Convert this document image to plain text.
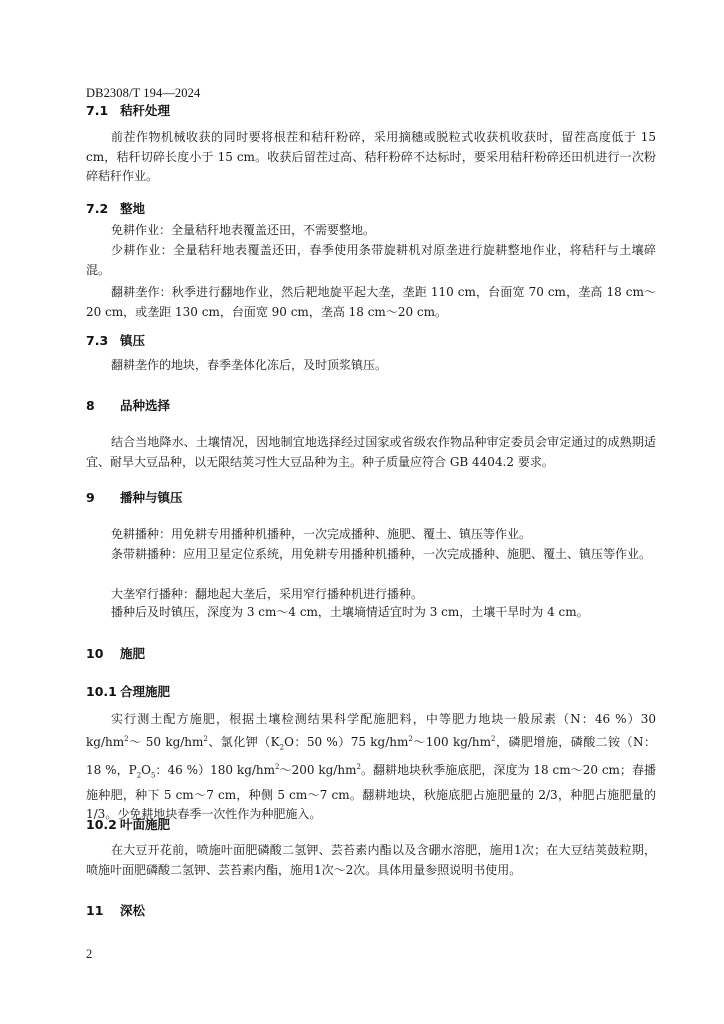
DB2308/T 194—2024
7.1 秸秆处理
前茬作物机械收获的同时要将根茬和秸秆粉碎，采用摘穗或脱粒式收获机收获时，留茬高度低于 15 cm，秸秆切碎长度小于 15 cm。收获后留茬过高、秸秆粉碎不达标时，要采用秸秆粉碎还田机进行一次粉碎秸秆作业。
7.2 整地
免耕作业：全量秸秆地表覆盖还田，不需要整地。
少耕作业：全量秸秆地表覆盖还田，春季使用条带旋耕机对原垄进行旋耕整地作业，将秸秆与土壤碎混。
翻耕垄作：秋季进行翻地作业，然后耙地旋平起大垄，垄距 110 cm，台面宽 70 cm，垄高 18 cm～20 cm，或垄距 130 cm，台面宽 90 cm，垄高 18 cm～20 cm。
7.3 镇压
翻耕垄作的地块，春季垄体化冻后，及时顶浆镇压。
8 品种选择
结合当地降水、土壤情况，因地制宜地选择经过国家或省级农作物品种审定委员会审定通过的成熟期适宜、耐旱大豆品种，以无限结荚习性大豆品种为主。种子质量应符合 GB 4404.2 要求。
9 播种与镇压
免耕播种：用免耕专用播种机播种，一次完成播种、施肥、覆土、镇压等作业。
条带耕播种：应用卫星定位系统，用免耕专用播种机播种，一次完成播种、施肥、覆土、镇压等作业。
大垄窄行播种：翻地起大垄后，采用窄行播种机进行播种。
播种后及时镇压，深度为 3 cm～4 cm，土壤墒情适宜时为 3 cm，土壤干旱时为 4 cm。
10 施肥
10.1 合理施肥
实行测土配方施肥，根据土壤检测结果科学配施肥料，中等肥力地块一般尿素（N：46 %）30 $kg/hm^2\sim$ 50 $kg/hm^2$、氯化钾（$K_2O$：50 %）75 $kg/hm^2\sim 100$ $kg/hm^2$，磷肥增施，磷酸二铵（N：18 %，$P_2O_5$：46 %）180 $kg/hm^2\sim 200$ $kg/hm^2$。翻耕地块秋季施底肥，深度为 18 cm～20 cm；春播施种肥，种下 5 cm～7 cm，种侧 5 cm～7 cm。翻耕地块，秋施底肥占施肥量的 2/3，种肥占施肥量的 1/3。少免耕地块春季一次性作为种肥施入。
10.2 叶面施肥
在大豆开花前，喷施叶面肥磷酸二氢钾、芸苔素内酯以及含硼水溶肥，施用1次；在大豆结荚鼓粒期，喷施叶面肥磷酸二氢钾、芸苔素内酯，施用1次～2次。具体用量参照说明书使用。
11 深松
2
